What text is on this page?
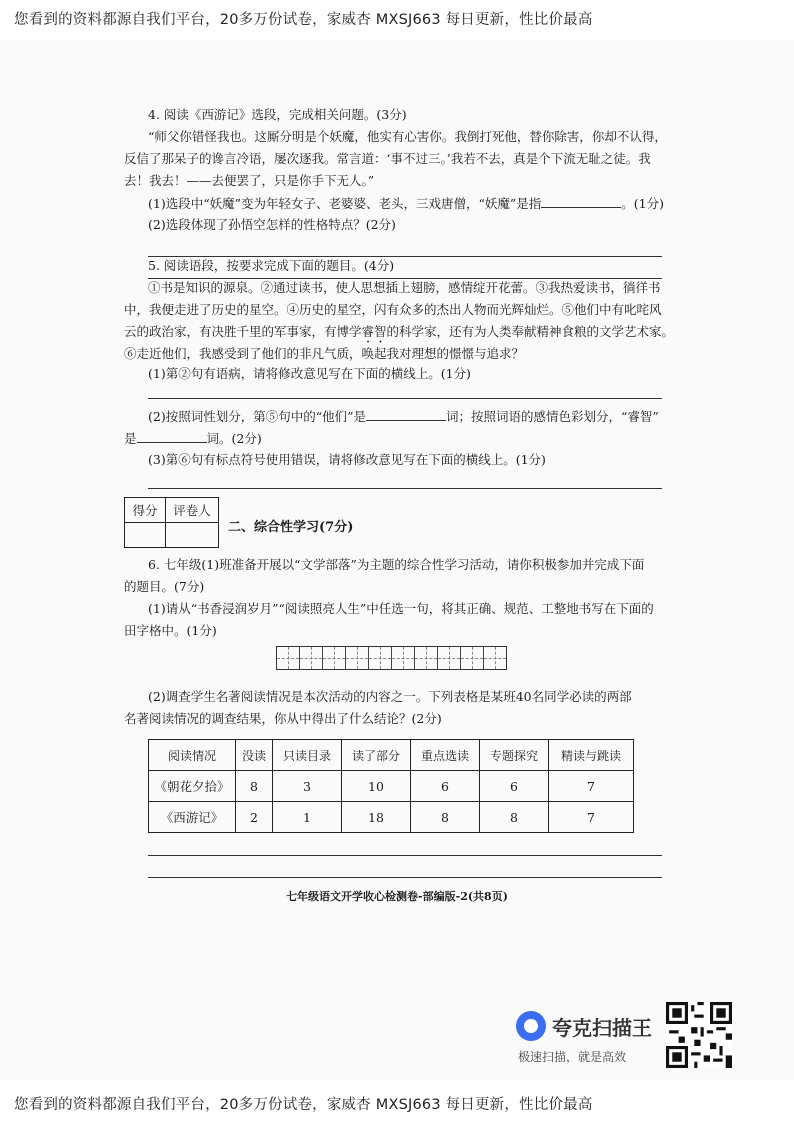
您看到的资料都源自我们平台，20多万份试卷，家威杏 MXSJ663 每日更新，性比价最高
4. 阅读《西游记》选段，完成相关问题。(3分)
“师父你错怪我也。这厮分明是个妖魔，他实有心害你。我倒打死他，替你除害，你却不认得，
反信了那呆子的谗言冷语，屡次逐我。常言道：‘事不过三。’我若不去，真是个下流无耻之徒。我
去！我去！——去便罢了，只是你手下无人。”
(1)选段中“妖魔”变为年轻女子、老婆婆、老头，三戏唐僧，“妖魔”是指	。(1分)
(2)选段体现了孙悟空怎样的性格特点？(2分)
5. 阅读语段，按要求完成下面的题目。(4分)
①书是知识的源泉。②通过读书，使人思想插上翅膀，感情绽开花蕾。③我热爱读书，徜徉书
中，我便走进了历史的星空。④历史的星空，闪有众多的杰出人物而光辉灿烂。⑤他们中有叱咤风
云的政治家，有决胜千里的军事家，有博学睿智的科学家，还有为人类奉献精神食粮的文学艺术家。
⑥走近他们，我感受到了他们的非凡气质，唤起我对理想的憬憬与追求？
(1)第②句有语病，请将修改意见写在下面的横线上。(1分)
(2)按照词性划分，第⑤句中的“他们”是	词；按照词语的感情色彩划分，“睿智”
是	词。(2分)
(3)第⑥句有标点符号使用错误，请将修改意见写在下面的横线上。(1分)
得分	评卷人

二、综合性学习(7分)
6. 七年级(1)班准备开展以“文学部落”为主题的综合性学习活动，请你积极参加并完成下面
的题目。(7分)
(1)请从“书香浸润岁月”“阅读照亮人生”中任选一句，将其正确、规范、工整地书写在下面的
田字格中。(1分)
(2)调查学生名著阅读情况是本次活动的内容之一。下列表格是某班40名同学必读的两部
名著阅读情况的调查结果，你从中得出了什么结论？(2分)
阅读情况	没读	只读目录	读了部分	重点选读	专题探究	精读与跳读
《朝花夕拾》	8	3	10	6	6	7
《西游记》	2	1	18	8	8	7
七年级语文开学收心检测卷-部编版-2(共8页)
夸克扫描王
极速扫描，就是高效
您看到的资料都源自我们平台，20多万份试卷，家威杏 MXSJ663 每日更新，性比价最高
